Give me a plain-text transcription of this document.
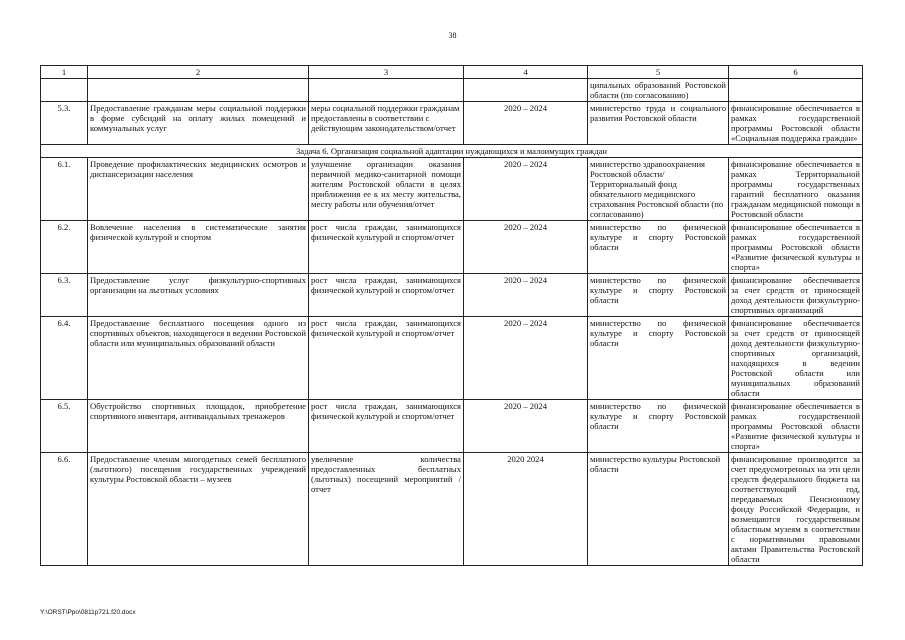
38
1	2	3	4	5	6
				ципальных образований Ростовской области (по согласованию)	
5.3.	Предоставление гражданам меры социальной поддержки в форме субсидий на оплату жилых помещений и коммунальных услуг	меры социальной поддержки гражданам предоставлены в соответствии с действующим законодательством/отчет	2020 – 2024	министерство труда и социального развития Ростовской области	финансирование обеспечивается в рамках государственной программы Ростовской области «Социальная поддержка граждан»
Задача 6. Организация социальной адаптации нуждающихся и малоимущих граждан					
6.1.	Проведение профилактических медицинских осмотров и диспансеризации населения	улучшение организации оказания первичной медико-санитарной помощи жителям Ростовской области в целях приближения ее к их месту жительства, месту работы или обучения/отчет	2020 – 2024	министерство здравоохранения Ростовской области/ Территориальный фонд обязательного медицинского страхования Ростовской области (по согласованию)	финансирование обеспечивается в рамках Территориальной программы государственных гарантий бесплатного оказания гражданам медицинской помощи в Ростовской области
6.2.	Вовлечение населения в систематические занятия физической культурой и спортом	рост числа граждан, занимающихся физической культурой и спортом/отчет	2020 – 2024	министерство по физической культуре и спорту Ростовской области	финансирование обеспечивается в рамках государственной программы Ростовской области «Развитие физической культуры и спорта»
6.3.	Предоставление услуг физкультурно-спортивных организации на льготных условиях	рост числа граждан, занимающихся физической культурой и спортом/отчет	2020 – 2024	министерство по физической культуре и спорту Ростовской области	финансирование обеспечивается за счет средств от приносящей доход деятельности физкультурно-спортивных организаций
6.4.	Предоставление бесплатного посещения одного из спортивных объектов, находящегося в ведении Ростовской области или муниципальных образований области	рост числа граждан, занимающихся физической культурой и спортом/отчет	2020 – 2024	министерство по физической культуре и спорту Ростовской области	финансирование обеспечивается за счет средств от приносящей доход деятельности физкультурно-спортивных организаций, находящихся в ведении Ростовской области или муниципальных образований области
6.5.	Обустройство спортивных площадок, приобретение спортивного инвентаря, антивандальных тренажеров	рост числа граждан, занимающихся физической культурой и спортом/отчет	2020 – 2024	министерство по физической культуре и спорту Ростовской области	финансирование обеспечивается в рамках государственной программы Ростовской области «Развитие физической культуры и спорта»
6.6.	Предоставление членам многодетных семей бесплатного (льготного) посещения государственных учреждений культуры Ростовской области – музеев	увеличение количества предоставленных бесплатных (льготных) посещений мероприятий /отчет	2020 2024	министерство культуры Ростовской области	финансирование производится за счет предусмотренных на эти цели средств федерального бюджета на соответствующий год, передаваемых Пенсионному фонду Российской Федерации, и возмещаются государственным областным музеям в соответствии с нормативными правовыми актами Правительства Ростовской области
Y:\ORST\Ppo\0811p721.f20.docx
